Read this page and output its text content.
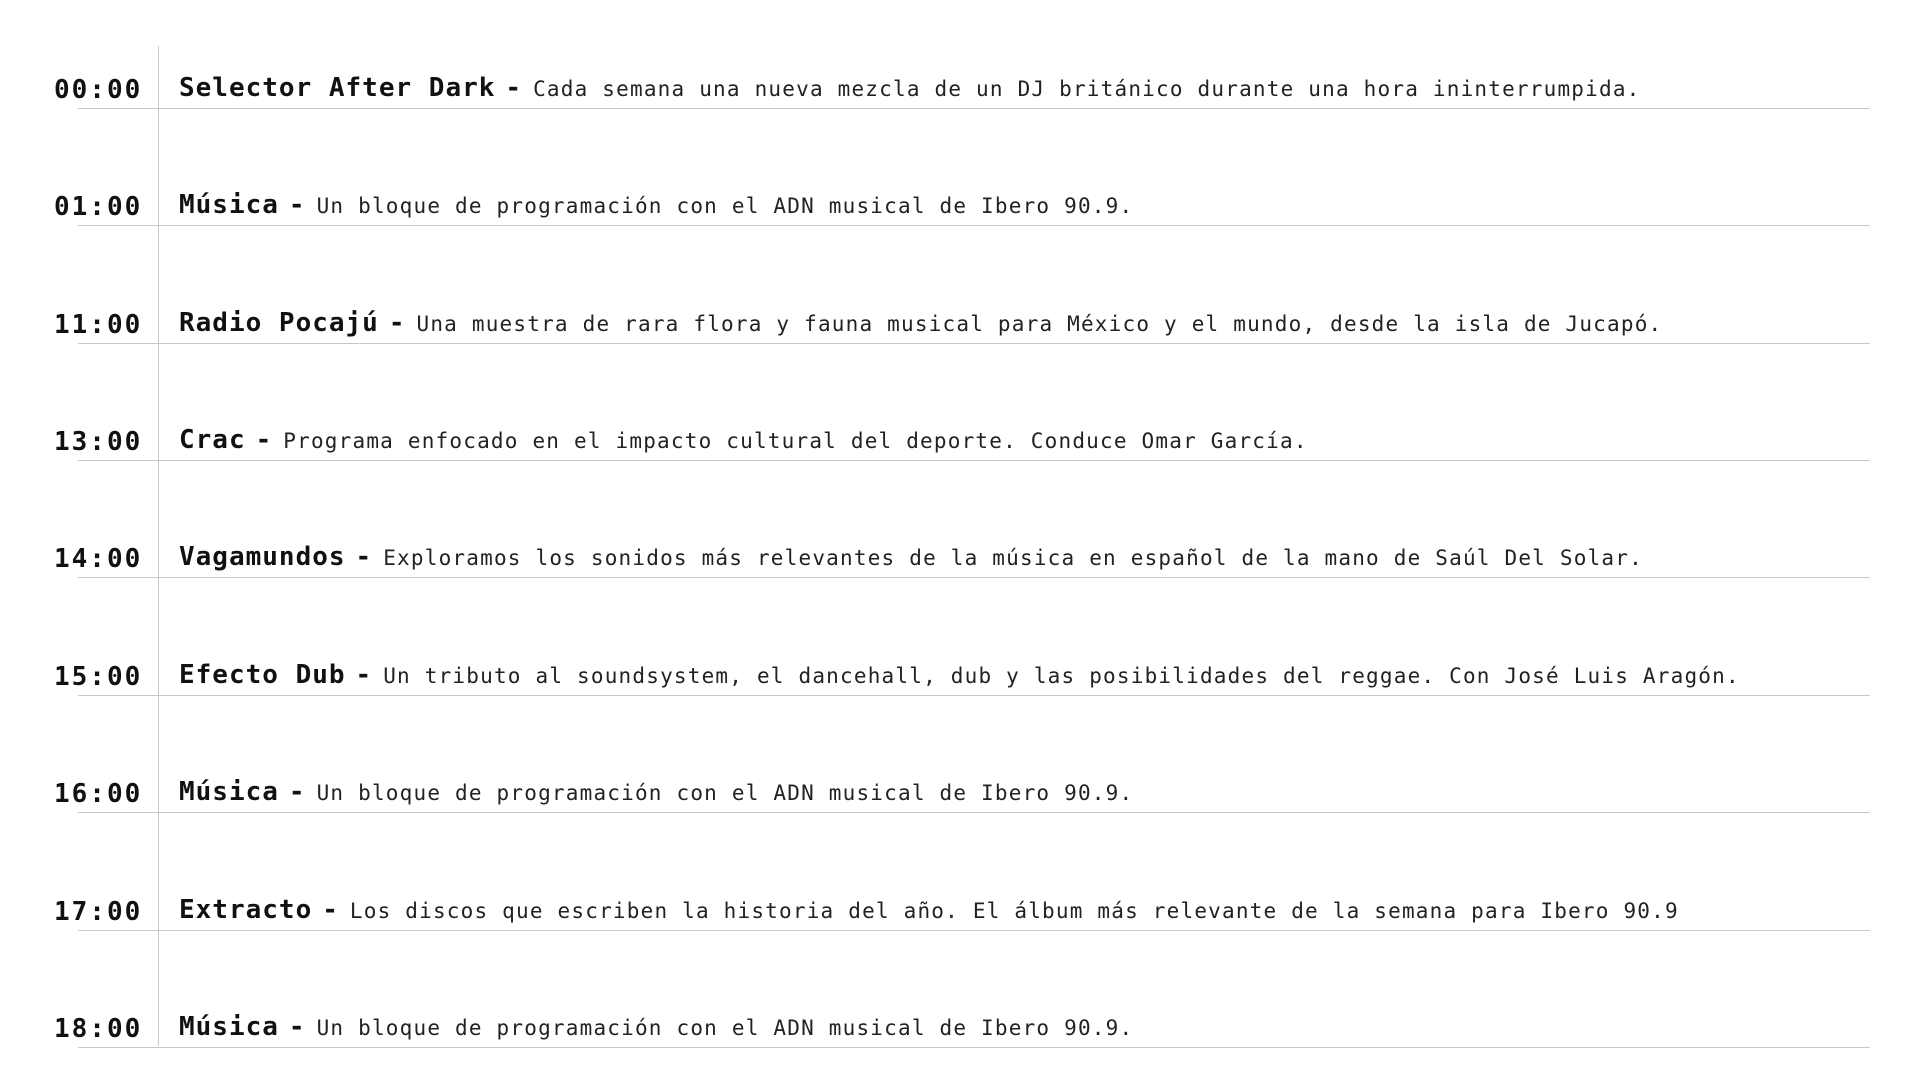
00:00 Selector After Dark - Cada semana una nueva mezcla de un DJ británico durante una hora ininterrumpida.
01:00 Música - Un bloque de programación con el ADN musical de Ibero 90.9.
11:00 Radio Pocajú - Una muestra de rara flora y fauna musical para México y el mundo, desde la isla de Jucapó.
13:00 Crac - Programa enfocado en el impacto cultural del deporte. Conduce Omar García.
14:00 Vagamundos - Exploramos los sonidos más relevantes de la música en español de la mano de Saúl Del Solar.
15:00 Efecto Dub - Un tributo al soundsystem, el dancehall, dub y las posibilidades del reggae. Con José Luis Aragón.
16:00 Música - Un bloque de programación con el ADN musical de Ibero 90.9.
17:00 Extracto - Los discos que escriben la historia del año. El álbum más relevante de la semana para Ibero 90.9
18:00 Música - Un bloque de programación con el ADN musical de Ibero 90.9.
